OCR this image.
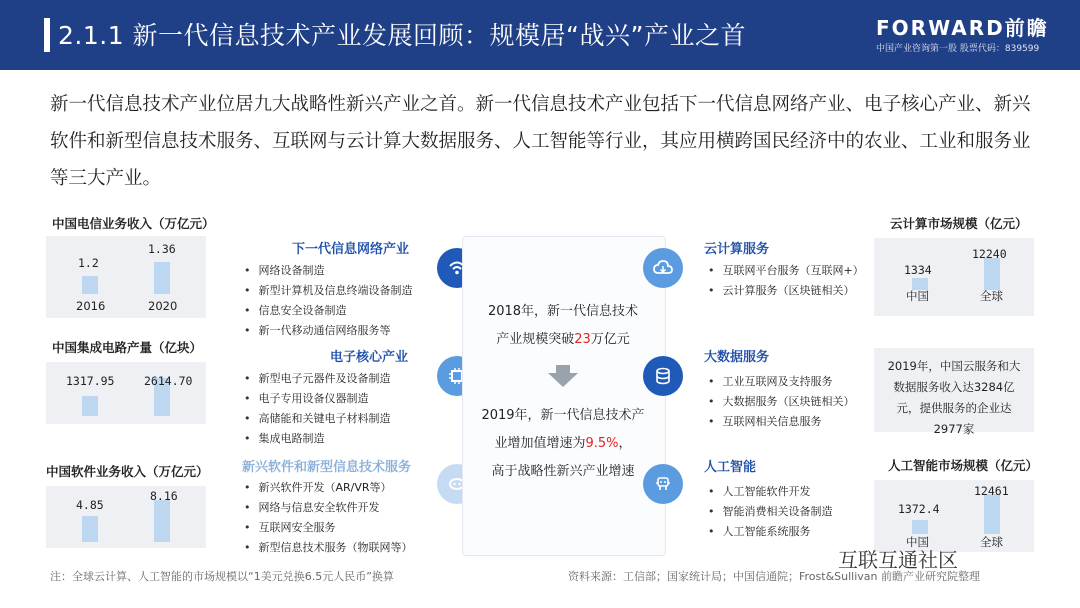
2.1.1 新一代信息技术产业发展回顾：规模居“战兴”产业之首	FORWARD前瞻
中国产业咨询第一股 股票代码：839599
新一代信息技术产业位居九大战略性新兴产业之首。新一代信息技术产业包括下一代信息网络产业、电子核心产业、新兴软件和新型信息技术服务、互联网与云计算大数据服务、人工智能等行业，其应用横跨国民经济中的农业、工业和服务业等三大产业。
中国电信业务收入（万亿元）
1.2
1.36
2016	2020
中国集成电路产量（亿块）
1317.95	2614.70
中国软件业务收入（万亿元）
4.85
8.16
下一代信息网络产业
• 网络设备制造
• 新型计算机及信息终端设备制造
• 信息安全设备制造
• 新一代移动通信网络服务等
电子核心产业
• 新型电子元器件及设备制造
• 电子专用设备仪器制造
• 高储能和关键电子材料制造
• 集成电路制造
新兴软件和新型信息技术服务
• 新兴软件开发（AR/VR等）
• 网络与信息安全软件开发
• 互联网安全服务
• 新型信息技术服务（物联网等）
2018年，新一代信息技术
产业规模突破23万亿元
2019年，新一代信息技术产
业增加值增速为9.5%，
高于战略性新兴产业增速
云计算服务
• 互联网平台服务（互联网+）
• 云计算服务（区块链相关）
大数据服务
• 工业互联网及支持服务
• 大数据服务（区块链相关）
• 互联网相关信息服务
人工智能
• 人工智能软件开发
• 智能消费相关设备制造
• 人工智能系统服务
云计算市场规模（亿元）
1334
12240
中国	全球
2019年，中国云服务和大数据服务收入达3284亿元，提供服务的企业达2977家
人工智能市场规模（亿元）
1372.4
12461
中国	全球
注：全球云计算、人工智能的市场规模以“1美元兑换6.5元人民币”换算	资料来源：工信部；国家统计局；中国信通院；Frost&Sullivan 前瞻产业研究院整理
互联互通社区
